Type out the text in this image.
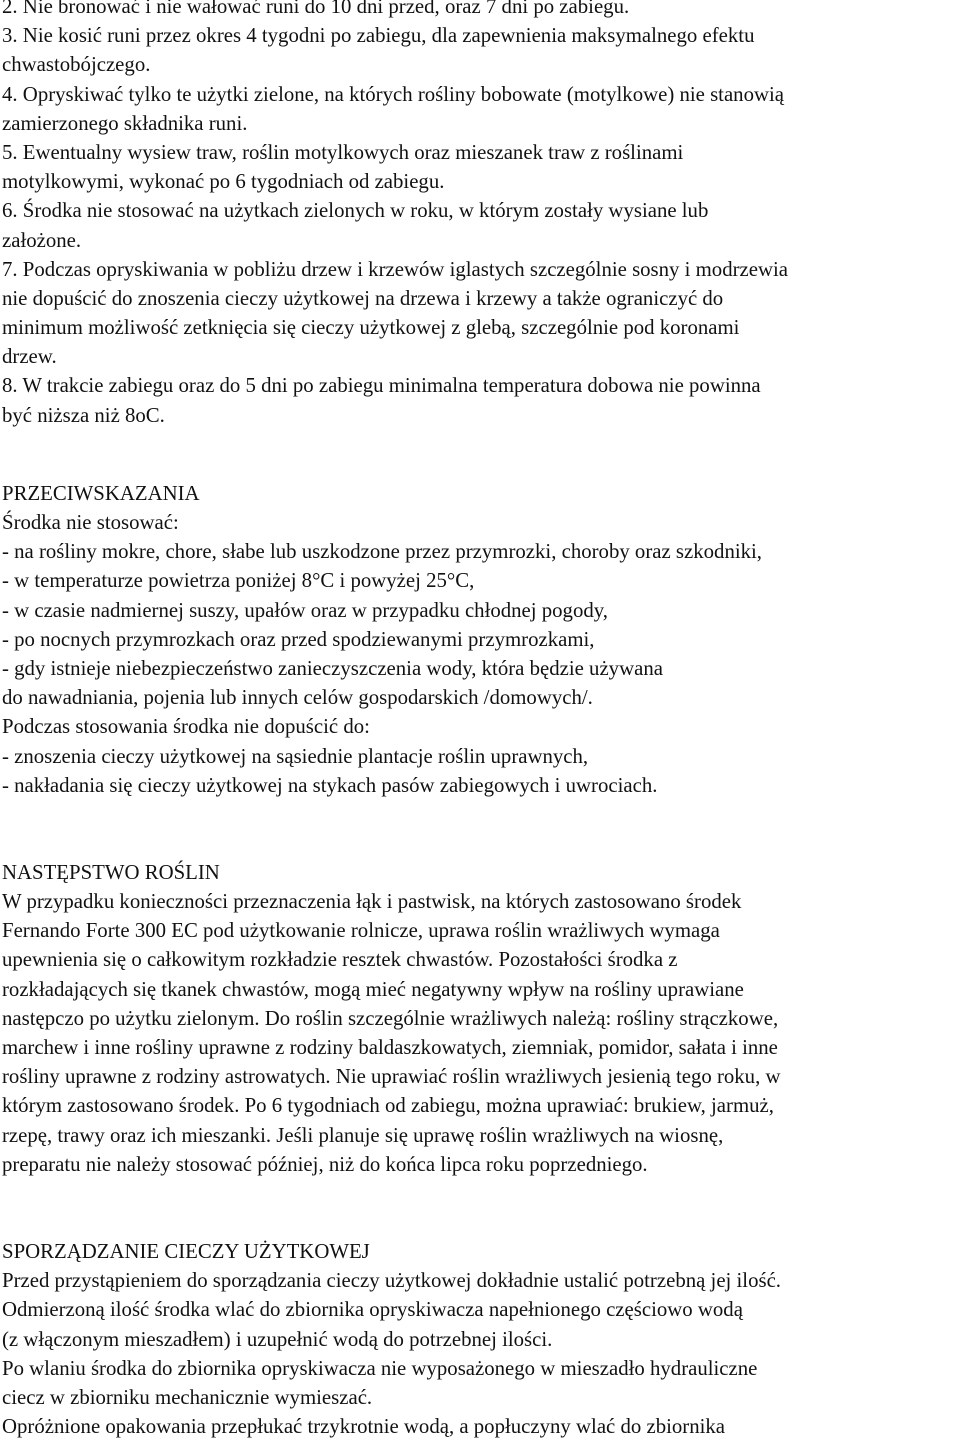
2. Nie bronować i nie wałować runi do 10 dni przed, oraz 7 dni po zabiegu.
3. Nie kosić runi przez okres 4 tygodni po zabiegu, dla zapewnienia maksymalnego efektu
chwastobójczego.
4. Opryskiwać tylko te użytki zielone, na których rośliny bobowate (motylkowe) nie stanowią
zamierzonego składnika runi.
5. Ewentualny wysiew traw, roślin motylkowych oraz mieszanek traw z roślinami
motylkowymi, wykonać po 6 tygodniach od zabiegu.
6. Środka nie stosować na użytkach zielonych w roku, w którym zostały wysiane lub
założone.
7. Podczas opryskiwania w pobliżu drzew i krzewów iglastych szczególnie sosny i modrzewia
nie dopuścić do znoszenia cieczy użytkowej na drzewa i krzewy a także ograniczyć do
minimum możliwość zetknięcia się cieczy użytkowej z glebą, szczególnie pod koronami
drzew.
8. W trakcie zabiegu oraz do 5 dni po zabiegu minimalna temperatura dobowa nie powinna
być niższa niż 8oC.
PRZECIWSKAZANIA
Środka nie stosować:
- na rośliny mokre, chore, słabe lub uszkodzone przez przymrozki, choroby oraz szkodniki,
- w temperaturze powietrza poniżej 8°C i powyżej 25°C,
- w czasie nadmiernej suszy, upałów oraz w przypadku chłodnej pogody,
- po nocnych przymrozkach oraz przed spodziewanymi przymrozkami,
- gdy istnieje niebezpieczeństwo zanieczyszczenia wody, która będzie używana
do nawadniania, pojenia lub innych celów gospodarskich /domowych/.
Podczas stosowania środka nie dopuścić do:
- znoszenia cieczy użytkowej na sąsiednie plantacje roślin uprawnych,
- nakładania się cieczy użytkowej na stykach pasów zabiegowych i uwrociach.
NASTĘPSTWO ROŚLIN
W przypadku konieczności przeznaczenia łąk i pastwisk, na których zastosowano środek
Fernando Forte 300 EC pod użytkowanie rolnicze, uprawa roślin wrażliwych wymaga
upewnienia się o całkowitym rozkładzie resztek chwastów. Pozostałości środka z
rozkładających się tkanek chwastów, mogą mieć negatywny wpływ na rośliny uprawiane
następczo po użytku zielonym. Do roślin szczególnie wrażliwych należą: rośliny strączkowe,
marchew i inne rośliny uprawne z rodziny baldaszkowatych, ziemniak, pomidor, sałata i inne
rośliny uprawne z rodziny astrowatych. Nie uprawiać roślin wrażliwych jesienią tego roku, w
którym zastosowano środek. Po 6 tygodniach od zabiegu, można uprawiać: brukiew, jarmuż,
rzepę, trawy oraz ich mieszanki. Jeśli planuje się uprawę roślin wrażliwych na wiosnę,
preparatu nie należy stosować później, niż do końca lipca roku poprzedniego.
SPORZĄDZANIE CIECZY UŻYTKOWEJ
Przed przystąpieniem do sporządzania cieczy użytkowej dokładnie ustalić potrzebną jej ilość.
Odmierzoną ilość środka wlać do zbiornika opryskiwacza napełnionego częściowo wodą
(z włączonym mieszadłem) i uzupełnić wodą do potrzebnej ilości.
Po wlaniu środka do zbiornika opryskiwacza nie wyposażonego w mieszadło hydrauliczne
ciecz w zbiorniku mechanicznie wymieszać.
Opróżnione opakowania przepłukać trzykrotnie wodą, a popłuczyny wlać do zbiornika
